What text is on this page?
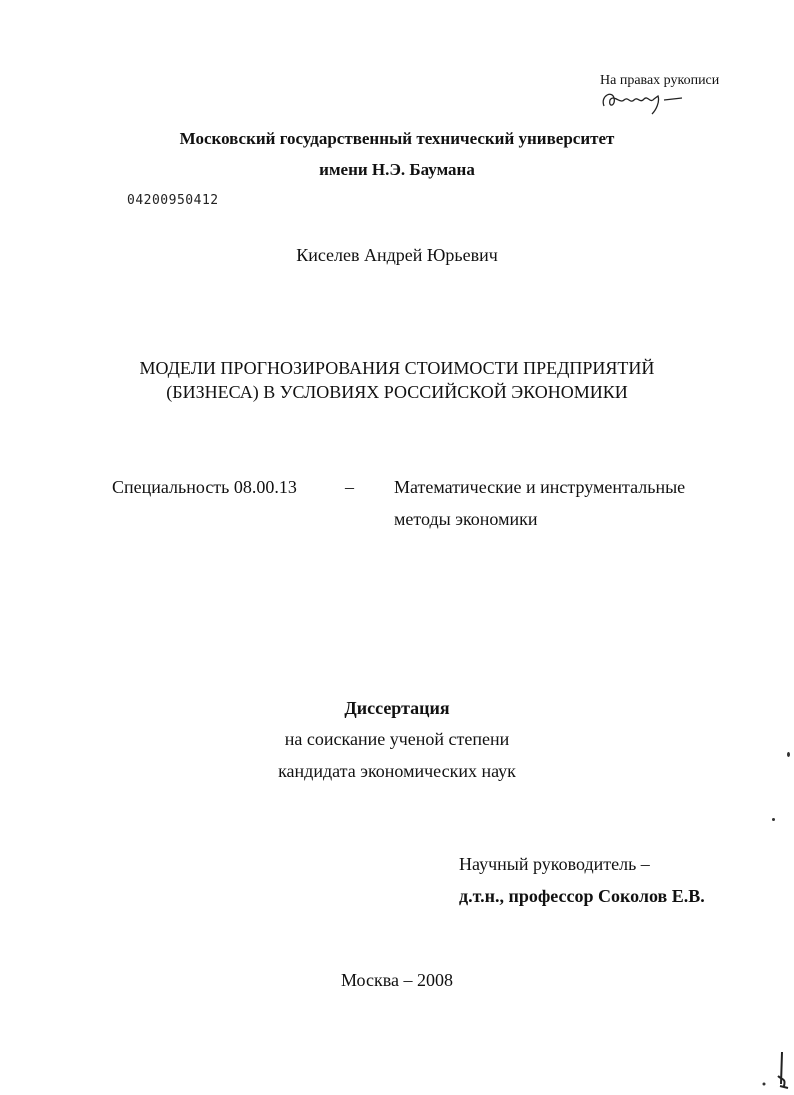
На правах рукописи
Московский государственный технический университет
имени Н.Э. Баумана
04200950412
Киселев Андрей Юрьевич
МОДЕЛИ ПРОГНОЗИРОВАНИЯ СТОИМОСТИ ПРЕДПРИЯТИЙ
(БИЗНЕСА) В УСЛОВИЯХ РОССИЙСКОЙ ЭКОНОМИКИ
Специальность 08.00.13	– Математические и инструментальные
методы экономики
Диссертация
на соискание ученой степени
кандидата экономических наук
Научный руководитель –
д.т.н., профессор Соколов Е.В.
Москва – 2008
